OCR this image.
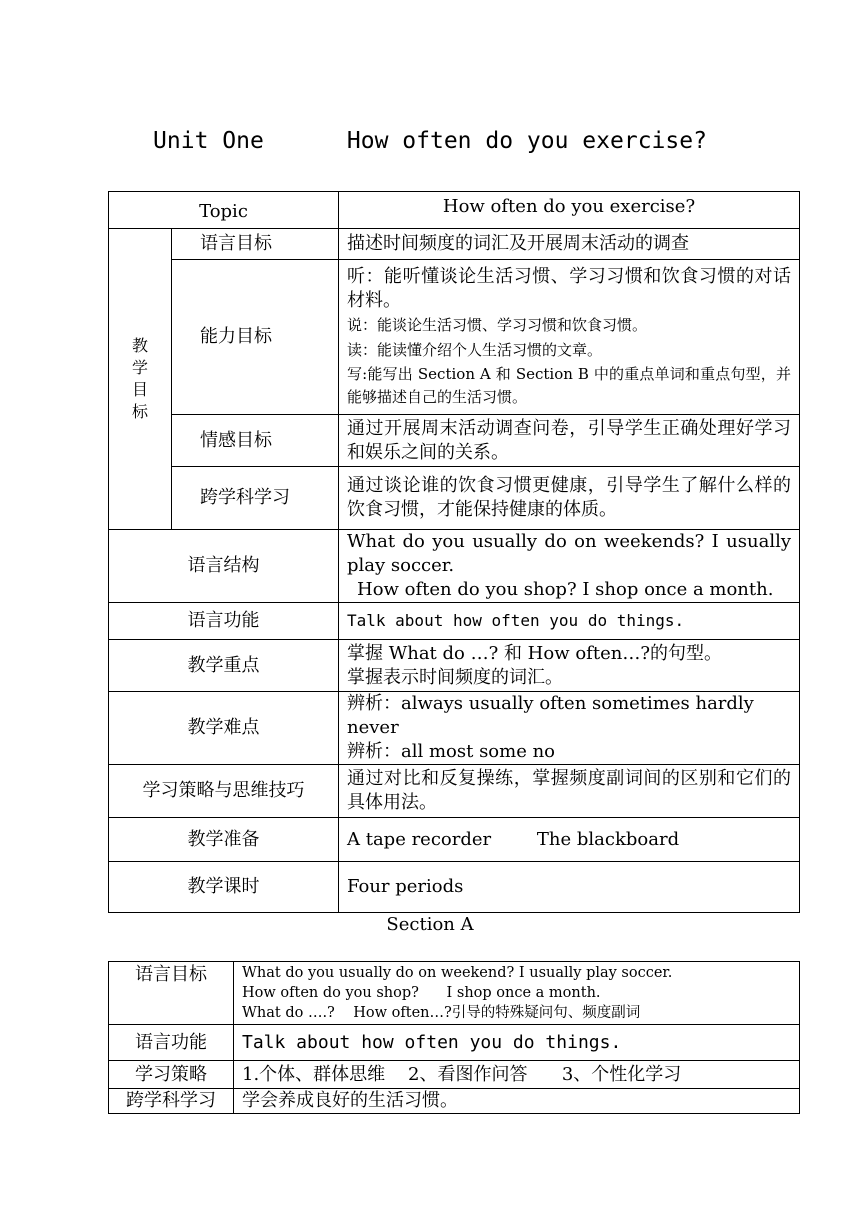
Unit One      How often do you exercise?
Topic		How often do you exercise?

教
学
目
标	语言目标	描述时间频度的词汇及开展周末活动的调查
	能力目标	听：能听懂谈论生活习惯、学习习惯和饮食习惯的对话材料。
说：能谈论生活习惯、学习习惯和饮食习惯。
读：能读懂介绍个人生活习惯的文章。
写:能写出 Section A 和 Section B 中的重点单词和重点句型，并能够描述自己的生活习惯。

	情感目标	通过开展周末活动调查问卷，引导学生正确处理好学习和娱乐之间的关系。
	跨学科学习	通过谈论谁的饮食习惯更健康，引导学生了解什么样的饮食习惯，才能保持健康的体质。
语言结构		What do you usually do on weekends? I usually play soccer.
How often do you shop? I shop once a month.

语言功能		Talk about how often you do things.
教学重点		掌握 What do …? 和 How often…?的句型。
掌握表示时间频度的词汇。

教学难点		辨析：always usually often sometimes hardly never
辨析：all most some no

学习策略与思维技巧		通过对比和反复操练，掌握频度副词间的区别和它们的具体用法。
教学准备		A tape recorder        The blackboard
教学课时		Four periods
Section A
语言目标	What do you usually do on weekend? I usually play soccer.
How often do you shop?      I shop once a month.
What do ….?    How often…?引导的特殊疑问句、频度副词

语言功能	Talk about how often you do things.
学习策略	1.个体、群体思维    2、看图作问答      3、个性化学习
跨学科学习	学会养成良好的生活习惯。
